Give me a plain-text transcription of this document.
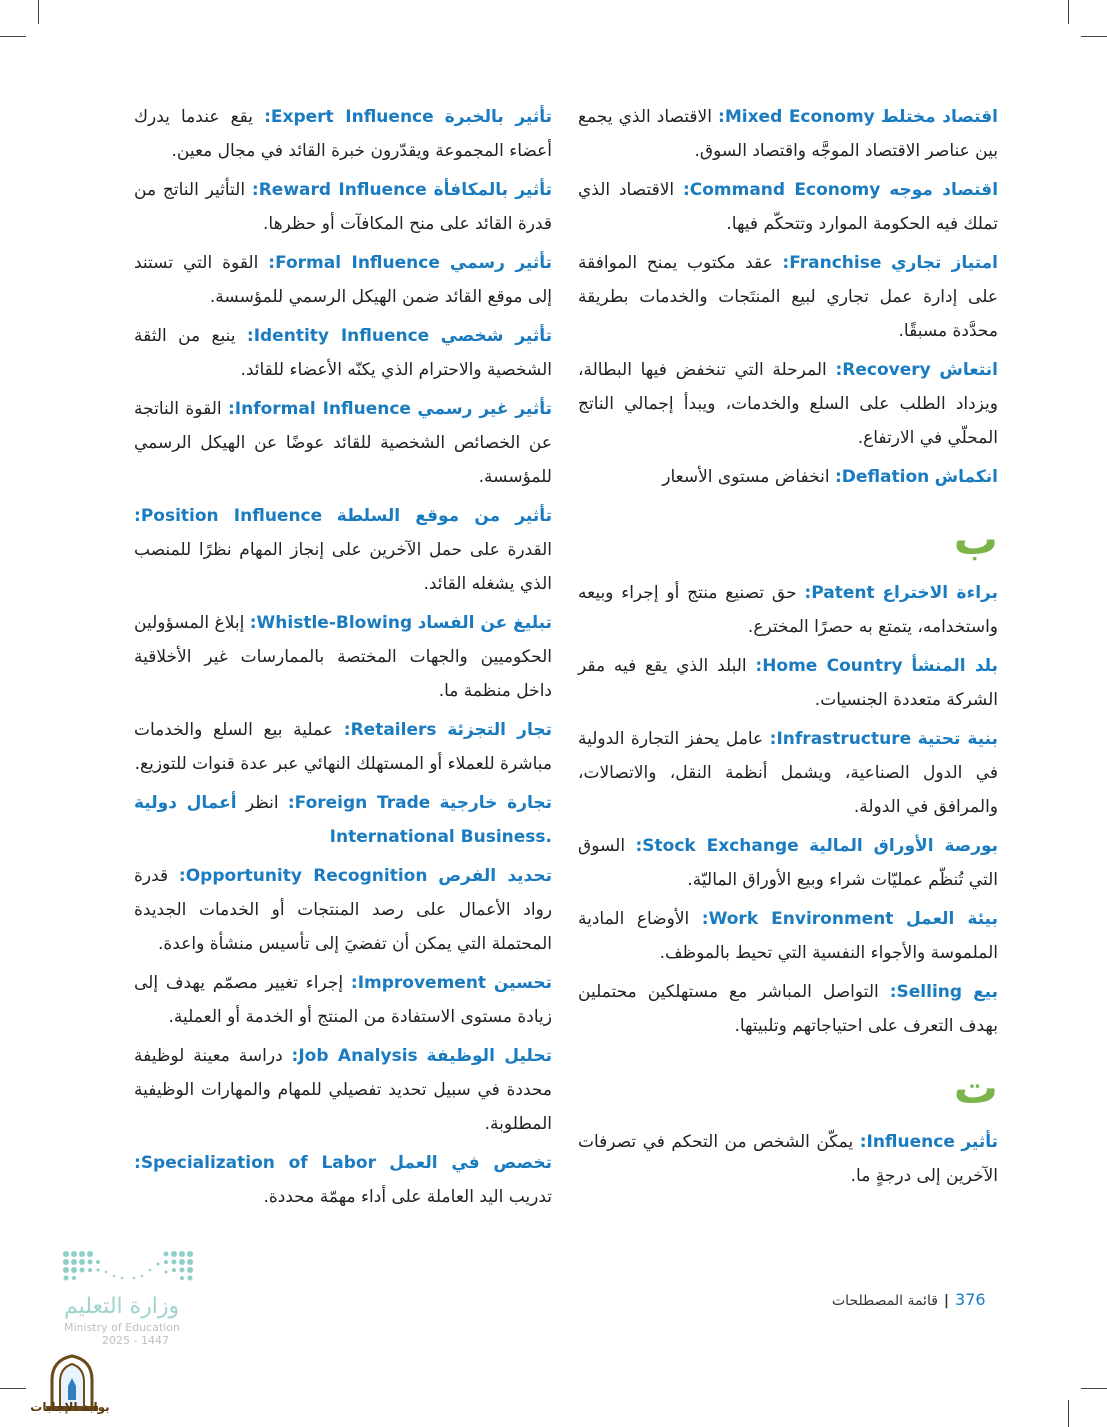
اقتصاد مختلط Mixed Economy: الاقتصاد الذي يجمع بين عناصر الاقتصاد الموجَّه واقتصاد السوق.

اقتصاد موجه Command Economy: الاقتصاد الذي تملك فيه الحكومة الموارد وتتحكّم فيها.

امتياز تجاري Franchise: عقد مكتوب يمنح الموافقة على إدارة عمل تجاري لبيع المنتَجات والخدمات بطريقة محدَّدة مسبقًا.

انتعاش Recovery: المرحلة التي تنخفض فيها البطالة، ويزداد الطلب على السلع والخدمات، ويبدأ إجمالي الناتج المحلّي في الارتفاع.

انكماش Deflation: انخفاض مستوى الأسعار

ب

براءة الاختراع Patent: حق تصنيع منتج أو إجراء وبيعه واستخدامه، يتمتع به حصرًا المخترع.

بلد المنشأ Home Country: البلد الذي يقع فيه مقر الشركة متعددة الجنسيات.

بنية تحتية Infrastructure: عامل يحفز التجارة الدولية في الدول الصناعية، ويشمل أنظمة النقل، والاتصالات، والمرافق في الدولة.

بورصة الأوراق المالية Stock Exchange: السوق التي تُنظّم عمليّات شراء وبيع الأوراق الماليّة.

بيئة العمل Work Environment: الأوضاع المادية الملموسة والأجواء النفسية التي تحيط بالموظف.

بيع Selling: التواصل المباشر مع مستهلكين محتملين بهدف التعرف على احتياجاتهم وتلبيتها.

ت

تأثير Influence: يمكّن الشخص من التحكم في تصرفات الآخرين إلى درجةٍ ما.

تأثير بالخبرة Expert Influence: يقع عندما يدرك أعضاء المجموعة ويقدّرون خبرة القائد في مجال معين.

تأثير بالمكافأة Reward Influence: التأثير الناتج من قدرة القائد على منح المكافآت أو حظرها.

تأثير رسمي Formal Influence: القوة التي تستند إلى موقع القائد ضمن الهيكل الرسمي للمؤسسة.

تأثير شخصي Identity Influence: ينبع من الثقة الشخصية والاحترام الذي يكنّه الأعضاء للقائد.

تأثير غير رسمي Informal Influence: القوة الناتجة عن الخصائص الشخصية للقائد عوضًا عن الهيكل الرسمي للمؤسسة.

تأثير من موقع السلطة Position Influence: القدرة على حمل الآخرين على إنجاز المهام نظرًا للمنصب الذي يشغله القائد.

تبليغ عن الفساد Whistle-Blowing: إبلاغ المسؤولين الحكوميين والجهات المختصة بالممارسات غير الأخلاقية داخل منظمة ما.

تجار التجزئة Retailers: عملية بيع السلع والخدمات مباشرة للعملاء أو المستهلك النهائي عبر عدة قنوات للتوزيع.

تجارة خارجية Foreign Trade: انظر أعمال دولية International Business.

تحديد الفرص Opportunity Recognition: قدرة رواد الأعمال على رصد المنتجات أو الخدمات الجديدة المحتملة التي يمكن أن تفضيَ إلى تأسيس منشأة واعدة.

تحسين Improvement: إجراء تغيير مصمّم يهدف إلى زيادة مستوى الاستفادة من المنتج أو الخدمة أو العملية.

تحليل الوظيفة Job Analysis: دراسة معينة لوظيفة محددة في سبيل تحديد تفصيلي للمهام والمهارات الوظيفية المطلوبة.

تخصص في العمل Specialization of Labor: تدريب اليد العاملة على أداء مهمّة محددة.

376|قائمة المصطلحات
وزارة التعليم
Ministry of Education
2025 - 1447
بوابة الإجابات
